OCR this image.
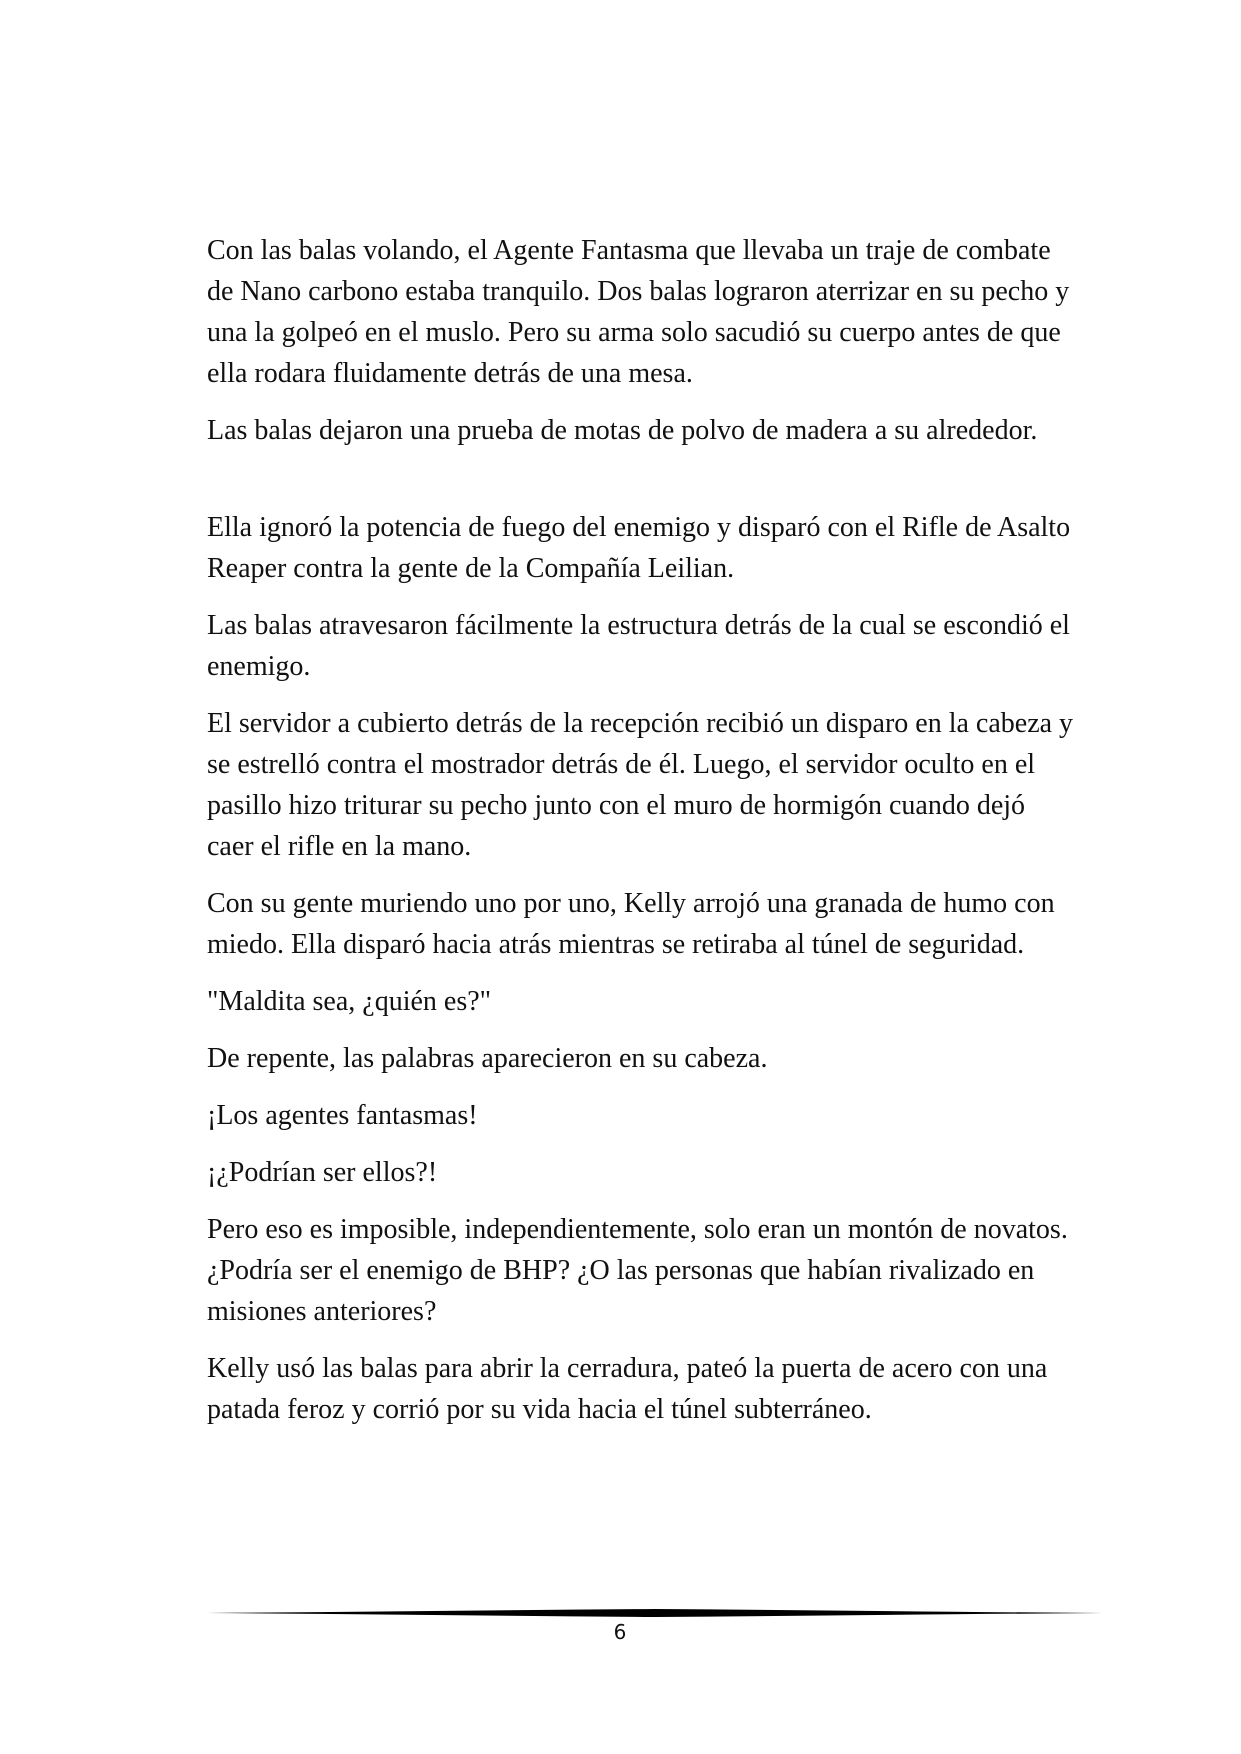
Con las balas volando, el Agente Fantasma que llevaba un traje de combate de Nano carbono estaba tranquilo. Dos balas lograron aterrizar en su pecho y una la golpeó en el muslo. Pero su arma solo sacudió su cuerpo antes de que ella rodara fluidamente detrás de una mesa.

Las balas dejaron una prueba de motas de polvo de madera a su alrededor.

Ella ignoró la potencia de fuego del enemigo y disparó con el Rifle de Asalto Reaper contra la gente de la Compañía Leilian.

Las balas atravesaron fácilmente la estructura detrás de la cual se escondió el enemigo.

El servidor a cubierto detrás de la recepción recibió un disparo en la cabeza y se estrelló contra el mostrador detrás de él. Luego, el servidor oculto en el pasillo hizo triturar su pecho junto con el muro de hormigón cuando dejó caer el rifle en la mano.

Con su gente muriendo uno por uno, Kelly arrojó una granada de humo con miedo. Ella disparó hacia atrás mientras se retiraba al túnel de seguridad.

"Maldita sea, ¿quién es?"

De repente, las palabras aparecieron en su cabeza.

¡Los agentes fantasmas!

¡¿Podrían ser ellos?!

Pero eso es imposible, independientemente, solo eran un montón de novatos. ¿Podría ser el enemigo de BHP? ¿O las personas que habían rivalizado en misiones anteriores?

Kelly usó las balas para abrir la cerradura, pateó la puerta de acero con una patada feroz y corrió por su vida hacia el túnel subterráneo.

6
